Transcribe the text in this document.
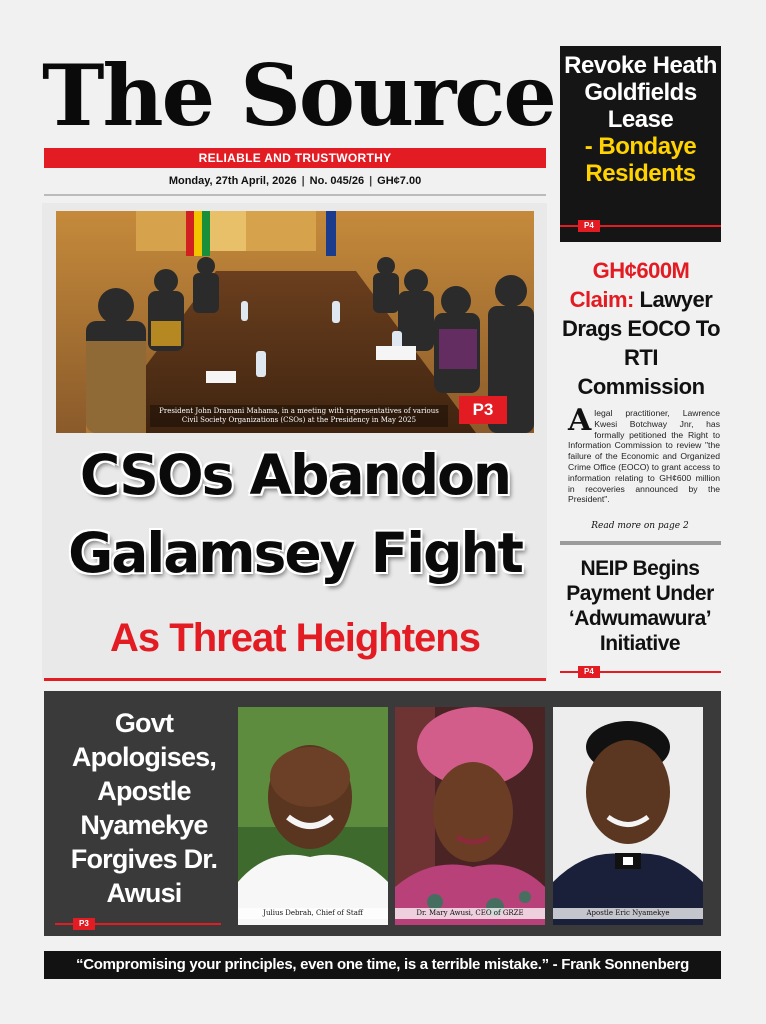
The Source
RELIABLE AND TRUSTWORTHY
Monday, 27th April, 2026 | No. 045/26 | GH¢7.00
Revoke Heath Goldfields Lease
- Bondaye Residents
P4
GH¢600M
Claim: Lawyer Drags EOCO To RTI Commission
A legal practitioner, Lawrence Kwesi Botchway Jnr, has formally petitioned the Right to Information Commission to review "the failure of the Economic and Organized Crime Office (EOCO) to grant access to information relating to GH¢600 million in recoveries announced by the President".
Read more on page 2
NEIP Begins Payment Under ‘Adwumawura’ Initiative
P4
President John Dramani Mahama, in a meeting with representatives of various Civil Society Organizations (CSOs) at the Presidency in May 2025
P3
CSOs Abandon
Galamsey Fight
As Threat Heightens
Govt Apologises, Apostle Nyamekye Forgives Dr. Awusi
P3
Julius Debrah, Chief of Staff	Dr. Mary Awusi, CEO of GRZE	Apostle Eric Nyamekye
“Compromising your principles, even one time, is a terrible mistake.” - Frank Sonnenberg
